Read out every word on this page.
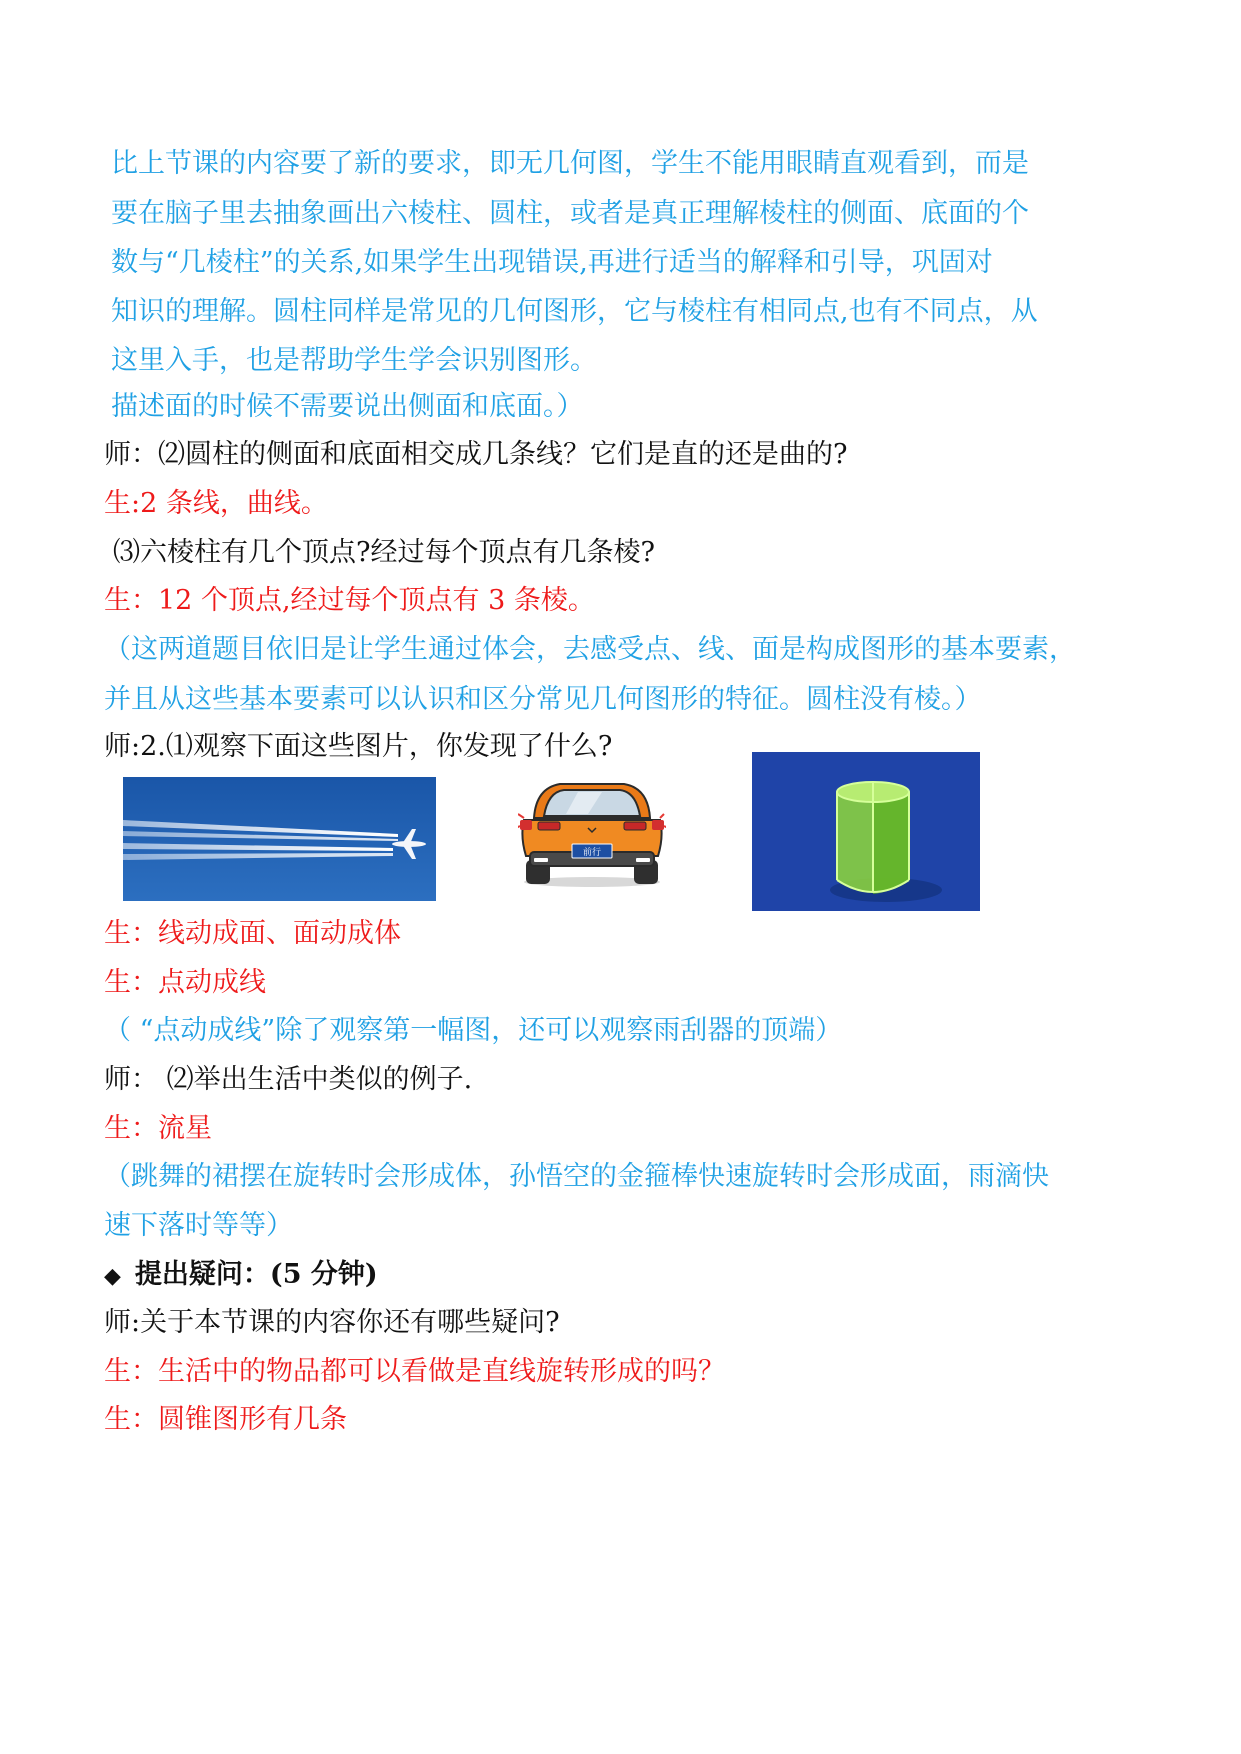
比上节课的内容要了新的要求，即无几何图，学生不能用眼睛直观看到，而是
要在脑子里去抽象画出六棱柱、圆柱，或者是真正理解棱柱的侧面、底面的个
数与“几棱柱”的关系,如果学生出现错误,再进行适当的解释和引导，巩固对
知识的理解。圆柱同样是常见的几何图形，它与棱柱有相同点,也有不同点，从
这里入手，也是帮助学生学会识别图形。
描述面的时候不需要说出侧面和底面。）
师：⑵圆柱的侧面和底面相交成几条线？它们是直的还是曲的?
生:2 条线，曲线。
⑶六棱柱有几个顶点?经过每个顶点有几条棱?
生：12 个顶点,经过每个顶点有 3 条棱。
（这两道题目依旧是让学生通过体会，去感受点、线、面是构成图形的基本要素，
并且从这些基本要素可以认识和区分常见几何图形的特征。圆柱没有棱。）
师:2.⑴观察下面这些图片，你发现了什么?
前行
生：线动成面、面动成体
生：点动成线
（ “点动成线”除了观察第一幅图，还可以观察雨刮器的顶端）
师： ⑵举出生活中类似的例子.
生：流星
（跳舞的裙摆在旋转时会形成体，孙悟空的金箍棒快速旋转时会形成面，雨滴快
速下落时等等）
◆ 提出疑问：(5 分钟)
师:关于本节课的内容你还有哪些疑问?
生：生活中的物品都可以看做是直线旋转形成的吗？
生：圆锥图形有几条
